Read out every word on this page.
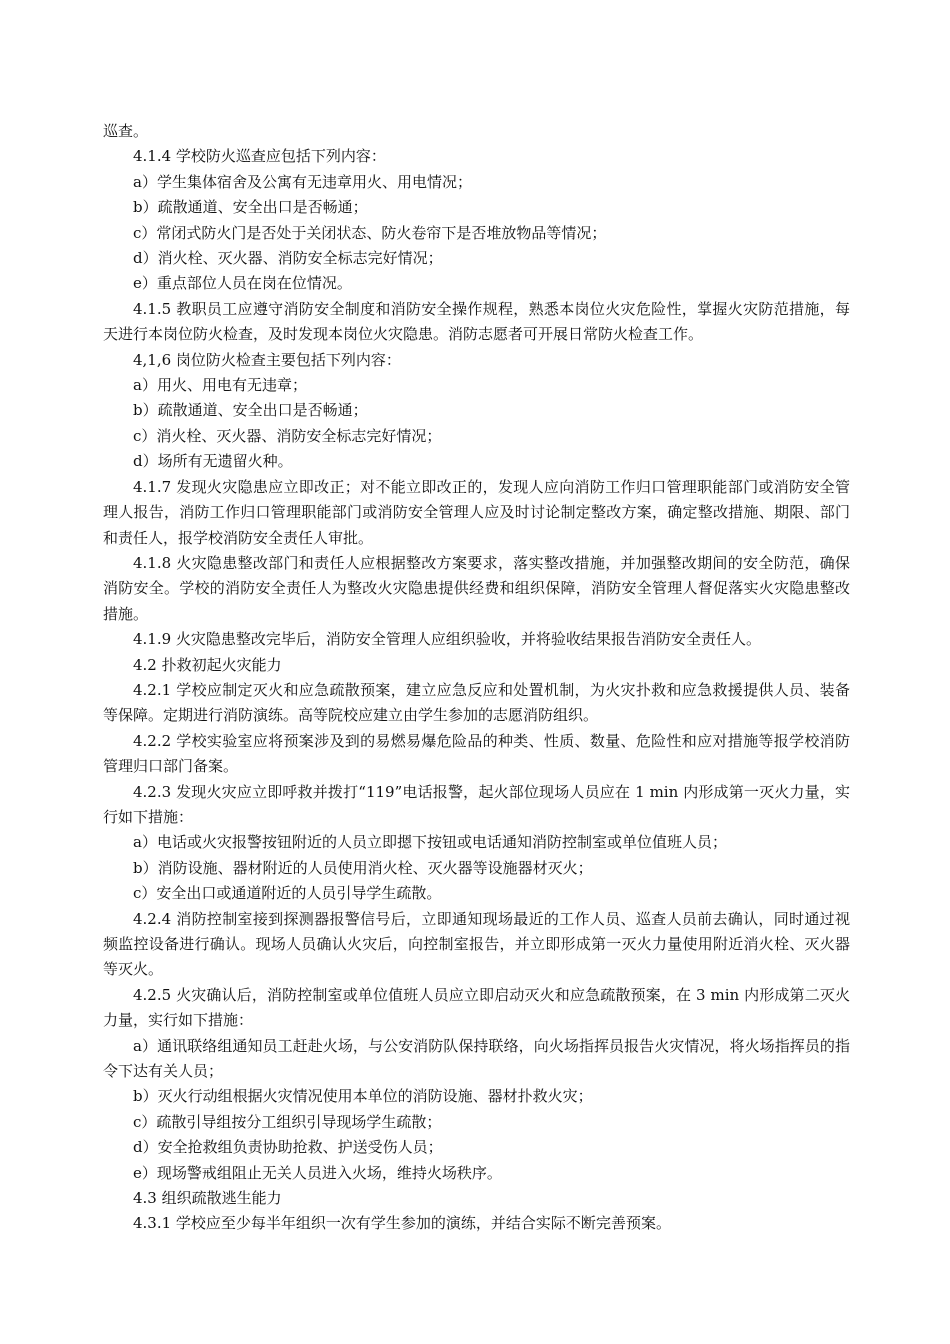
巡查。

4.1.4 学校防火巡查应包括下列内容：

a）学生集体宿舍及公寓有无违章用火、用电情况；

b）疏散通道、安全出口是否畅通；

c）常闭式防火门是否处于关闭状态、防火卷帘下是否堆放物品等情况；

d）消火栓、灭火器、消防安全标志完好情况；

e）重点部位人员在岗在位情况。

4.1.5 教职员工应遵守消防安全制度和消防安全操作规程，熟悉本岗位火灾危险性，掌握火灾防范措施，每天进行本岗位防火检查，及时发现本岗位火灾隐患。消防志愿者可开展日常防火检查工作。

4,1,6 岗位防火检查主要包括下列内容：

a）用火、用电有无违章；

b）疏散通道、安全出口是否畅通；

c）消火栓、灭火器、消防安全标志完好情况；

d）场所有无遗留火种。

4.1.7 发现火灾隐患应立即改正；对不能立即改正的，发现人应向消防工作归口管理职能部门或消防安全管理人报告，消防工作归口管理职能部门或消防安全管理人应及时讨论制定整改方案，确定整改措施、期限、部门和责任人，报学校消防安全责任人审批。

4.1.8 火灾隐患整改部门和责任人应根据整改方案要求，落实整改措施，并加强整改期间的安全防范，确保消防安全。学校的消防安全责任人为整改火灾隐患提供经费和组织保障，消防安全管理人督促落实火灾隐患整改措施。

4.1.9 火灾隐患整改完毕后，消防安全管理人应组织验收，并将验收结果报告消防安全责任人。

4.2 扑救初起火灾能力

4.2.1 学校应制定灭火和应急疏散预案，建立应急反应和处置机制，为火灾扑救和应急救援提供人员、装备等保障。定期进行消防演练。高等院校应建立由学生参加的志愿消防组织。

4.2.2 学校实验室应将预案涉及到的易燃易爆危险品的种类、性质、数量、危险性和应对措施等报学校消防管理归口部门备案。

4.2.3 发现火灾应立即呼救并拨打“119”电话报警，起火部位现场人员应在 1 min 内形成第一灭火力量，实行如下措施：

a）电话或火灾报警按钮附近的人员立即摁下按钮或电话通知消防控制室或单位值班人员；

b）消防设施、器材附近的人员使用消火栓、灭火器等设施器材灭火；

c）安全出口或通道附近的人员引导学生疏散。

4.2.4 消防控制室接到探测器报警信号后，立即通知现场最近的工作人员、巡查人员前去确认，同时通过视频监控设备进行确认。现场人员确认火灾后，向控制室报告，并立即形成第一灭火力量使用附近消火栓、灭火器等灭火。

4.2.5 火灾确认后，消防控制室或单位值班人员应立即启动灭火和应急疏散预案，在 3 min 内形成第二灭火力量，实行如下措施：

a）通讯联络组通知员工赶赴火场，与公安消防队保持联络，向火场指挥员报告火灾情况，将火场指挥员的指令下达有关人员；

b）灭火行动组根据火灾情况使用本单位的消防设施、器材扑救火灾；

c）疏散引导组按分工组织引导现场学生疏散；

d）安全抢救组负责协助抢救、护送受伤人员；

e）现场警戒组阻止无关人员进入火场，维持火场秩序。

4.3 组织疏散逃生能力

4.3.1 学校应至少每半年组织一次有学生参加的演练，并结合实际不断完善预案。
